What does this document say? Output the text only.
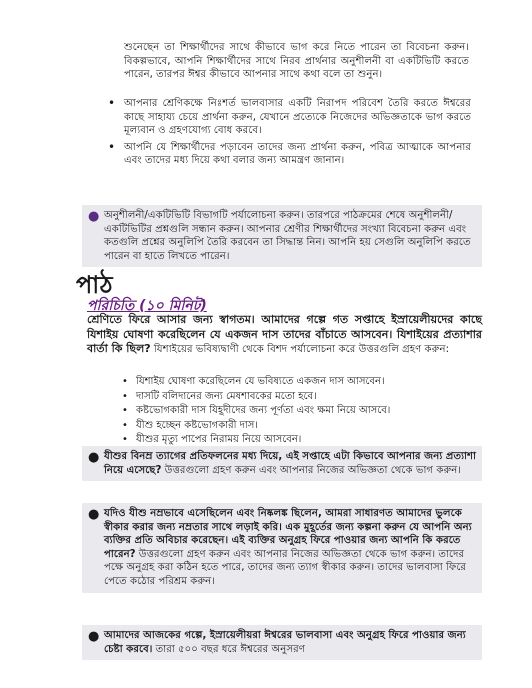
শুনেছেন তা শিক্ষার্থীদের সাথে কীভাবে ভাগ করে নিতে পারেন তা বিবেচনা করুন। বিকল্পভাবে, আপনি শিক্ষার্থীদের সাথে নিরব প্রার্থনার অনুশীলনী বা একটিভিটি করতে পারেন, তারপর ঈশ্বর কীভাবে আপনার সাথে কথা বলে তা শুনুন।

• আপনার শ্রেণিকক্ষে নিঃশর্ত ভালবাসার একটি নিরাপদ পরিবেশ তৈরি করতে ঈশ্বরের কাছে সাহায্য চেয়ে প্রার্থনা করুন, যেখানে প্রত্যেকে নিজেদের অভিজ্ঞতাকে ভাগ করতে মূল্যবান ও গ্রহণযোগ্য বোধ করবে।
• আপনি যে শিক্ষার্থীদের পড়াবেন তাদের জন্য প্রার্থনা করুন, পবিত্র আত্মাকে আপনার এবং তাদের মধ্য দিয়ে কথা বলার জন্য আমন্ত্রণ জানান।
● অনুশীলনী/একটিভিটি বিভাগটি পর্যালোচনা করুন। তারপরে পাঠক্রমের শেষে অনুশীলনী/একটিভিটির প্রশ্নগুলি সন্ধান করুন। আপনার শ্রেণীর শিক্ষার্থীদের সংখ্যা বিবেচনা করুন এবং কতগুলি প্রশ্নের অনুলিপি তৈরি করবেন তা সিদ্ধান্ত নিন। আপনি হয় সেগুলি অনুলিপি করতে পারেন বা হাতে লিখতে পারেন।
পাঠ
পরিচিতি (১০ মিনিট)

শ্রেণিতে ফিরে আসার জন্য স্বাগতম। আমাদের গল্পে গত সপ্তাহে ইস্রায়েলীয়দের কাছে যিশাইয় ঘোষণা করেছিলেন যে একজন দাস তাদের বাঁচাতে আসবেন। যিশাইয়ের প্রত্যাশার বার্তা কি ছিল? যিশাইয়ের ভবিষ্যদ্বাণী থেকে বিশদ পর্যালোচনা করে উত্তরগুলি গ্রহণ করুন:

• যিশাইয় ঘোষণা করেছিলেন যে ভবিষ্যতে একজন দাস আসবেন।
• দাসটি বলিদানের জন্য মেষশাবকের মতো হবে।
• কষ্টভোগকারী দাস যিহূদীদের জন্য পূর্ণতা এবং ক্ষমা নিয়ে আসবে।
• যীশু হচ্ছেন কষ্টভোগকারী দাস।
• যীশুর মৃত্যু পাপের নিরাময় নিয়ে আসবেন।
● যীশুর বিনম্র ত্যাগের প্রতিফলনের মধ্য দিয়ে, এই সপ্তাহে এটা কিভাবে আপনার জন্য প্রত্যাশা নিয়ে এসেছে? উত্তরগুলো গ্রহণ করুন এবং আপনার নিজের অভিজ্ঞতা থেকে ভাগ করুন।
● যদিও যীশু নম্রভাবে এসেছিলেন এবং নিষ্কলঙ্ক ছিলেন, আমরা সাধারণত আমাদের ভুলকে স্বীকার করার জন্য নম্রতার সাথে লড়াই করি। এক মুহূর্তের জন্য কল্পনা করুন যে আপনি অন্য ব্যক্তির প্রতি অবিচার করেছেন। এই ব্যক্তির অনুগ্রহ ফিরে পাওয়ার জন্য আপনি কি করতে পারেন? উত্তরগুলো গ্রহণ করুন এবং আপনার নিজের অভিজ্ঞতা থেকে ভাগ করুন। তাদের পক্ষে অনুগ্রহ করা কঠিন হতে পারে, তাদের জন্য ত্যাগ স্বীকার করুন। তাদের ভালবাসা ফিরে পেতে কঠোর পরিশ্রম করুন।
● আমাদের আজকের গল্পে, ইস্রায়েলীয়রা ঈশ্বরের ভালবাসা এবং অনুগ্রহ ফিরে পাওয়ার জন্য চেষ্টা করবে। তারা ৫০০ বছর ধরে ঈশ্বরের অনুসরণ
